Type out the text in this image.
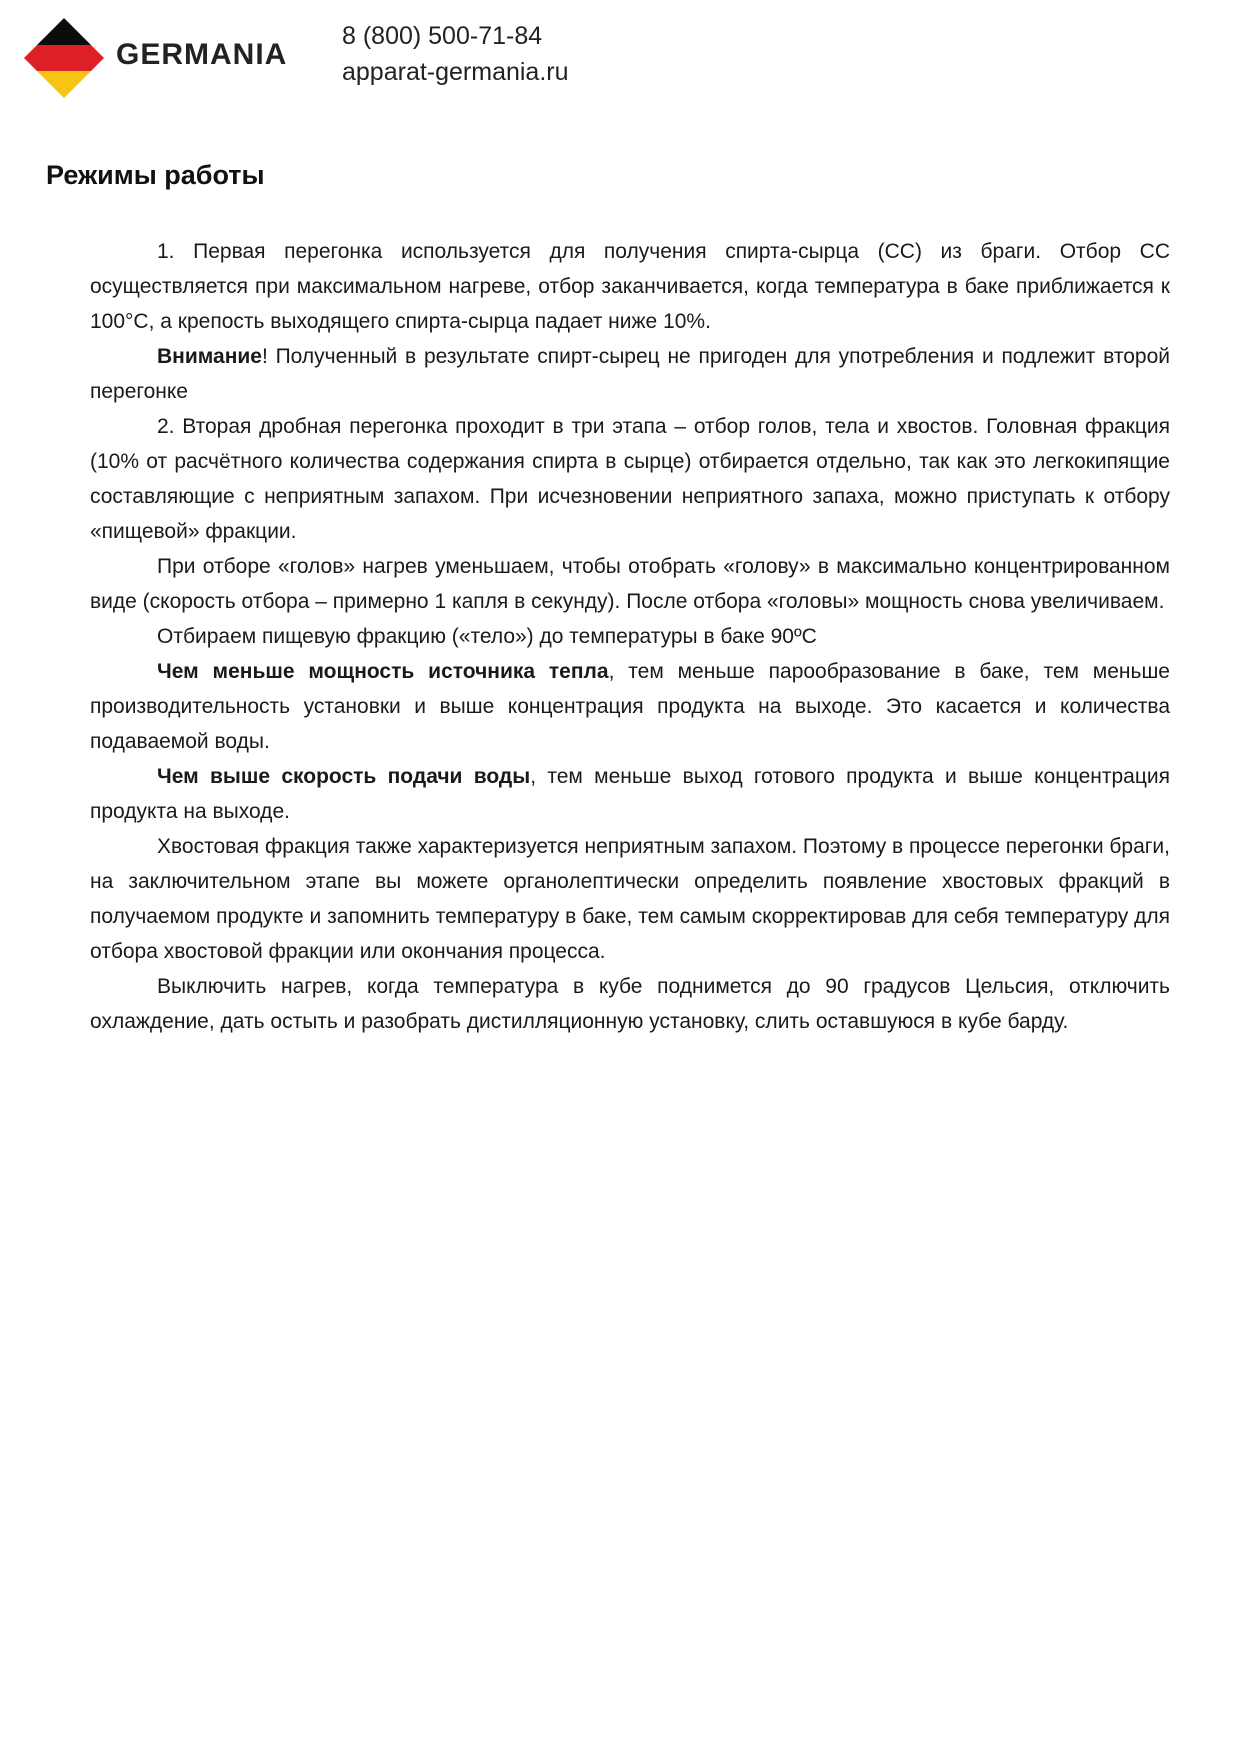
GERMANIA
8 (800) 500-71-84
apparat-germania.ru
Режимы работы

1. Первая перегонка используется для получения спирта-сырца (СС) из браги. Отбор СС осуществляется при максимальном нагреве, отбор заканчивается, когда температура в баке приближается к 100°С, а крепость выходящего спирта-сырца падает ниже 10%.

Внимание! Полученный в результате спирт-сырец не пригоден для употребления и подлежит второй перегонке

2. Вторая дробная перегонка проходит в три этапа – отбор голов, тела и хвостов. Головная фракция (10% от расчётного количества содержания спирта в сырце) отбирается отдельно, так как это легкокипящие составляющие с неприятным запахом. При исчезновении неприятного запаха, можно приступать к отбору «пищевой» фракции.

При отборе «голов» нагрев уменьшаем, чтобы отобрать «голову» в максимально концентрированном виде (скорость отбора – примерно 1 капля в секунду). После отбора «головы» мощность снова увеличиваем.

Отбираем пищевую фракцию («тело») до температуры в баке 90ºС

Чем меньше мощность источника тепла, тем меньше парообразование в баке, тем меньше производительность установки и выше концентрация продукта на выходе. Это касается и количества подаваемой воды.

Чем выше скорость подачи воды, тем меньше выход готового продукта и выше концентрация продукта на выходе.

Хвостовая фракция также характеризуется неприятным запахом. Поэтому в процессе перегонки браги, на заключительном этапе вы можете органолептически определить появление хвостовых фракций в получаемом продукте и запомнить температуру в баке, тем самым скорректировав для себя температуру для отбора хвостовой фракции или окончания процесса.

Выключить нагрев, когда температура в кубе поднимется до 90 градусов Цельсия, отключить охлаждение, дать остыть и разобрать дистилляционную установку, слить оставшуюся в кубе барду.
